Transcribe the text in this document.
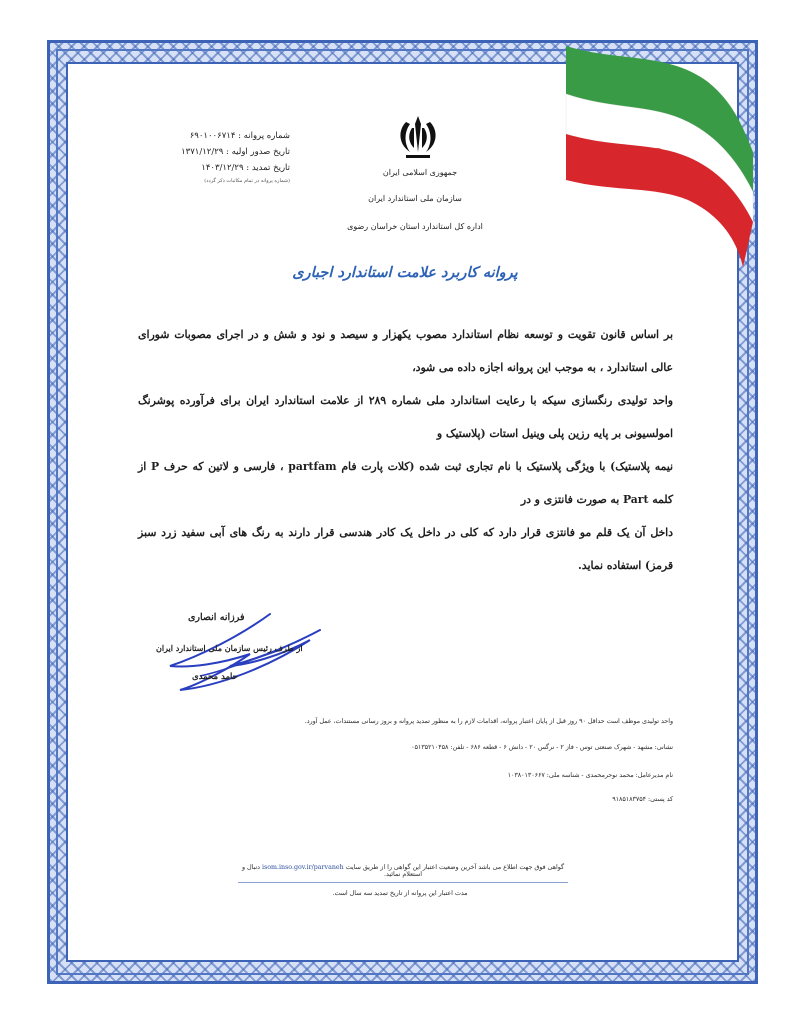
جمهوری اسلامی ایران
سازمان ملی استاندارد ایران
اداره کل استاندارد استان خراسان رضوی
شماره پروانه : ۶۹۰۱۰۰۶۷۱۴
تاریخ صدور اولیه : ۱۳۷۱/۱۲/۲۹
تاریخ تمدید : ۱۴۰۳/۱۲/۲۹
(شماره پروانه در تمام مکاتبات ذکر گردد)
پروانه کاربرد علامت استاندارد اجباری
بر اساس قانون تقویت و توسعه نظام استاندارد مصوب یکهزار و سیصد و نود و شش و در اجرای مصوبات شورای عالی استاندارد ، به موجب این پروانه اجازه داده می شود،
واحد تولیدی رنگسازی سیکه با رعایت استاندارد ملی شماره ۲۸۹ از علامت استاندارد ایران برای فرآورده پوشرنگ امولسیونی بر پایه رزین پلی وینیل استات (پلاستیک و
نیمه پلاستیک) با ویژگی پلاستیک با نام تجاری ثبت شده (کلات پارت فام partfam ، فارسی و لاتین که حرف P از کلمه Part به صورت فانتزی و در
داخل آن یک قلم مو فانتزی قرار دارد که کلی در داخل یک کادر هندسی قرار دارند به رنگ های آبی سفید زرد سبز قرمز) استفاده نماید.
فرزانه انصاری
از طرف رئیس سازمان ملی استاندارد ایران
حامد محمدی
واحد تولیدی موظف است حداقل ۹۰ روز قبل از پایان اعتبار پروانه، اقدامات لازم را به منظور تمدید پروانه و بروز رسانی مستندات، عمل آورد.
نشانی: مشهد - شهرک صنعتی توس - فاز ۲ - نرگس ۲۰ - دانش ۶ - قطعه ۶۸۶ - تلفن: ۰۵۱۳۵۲۱۰۴۵۸
نام مدیرعامل: محمد نوحرمحمدی - شناسه ملی: ۱۰۳۸۰۱۳۰۶۶۷
کد پستی: ۹۱۸۵۱۸۳۷۵۴
گواهی فوق جهت اطلاع می باشد آخرین وضعیت اعتبار این گواهی را از طریق سایت isom.inso.gov.ir/parvaneh دنبال و استعلام نمائید.
مدت اعتبار این پروانه از تاریخ تمدید سه سال است.
